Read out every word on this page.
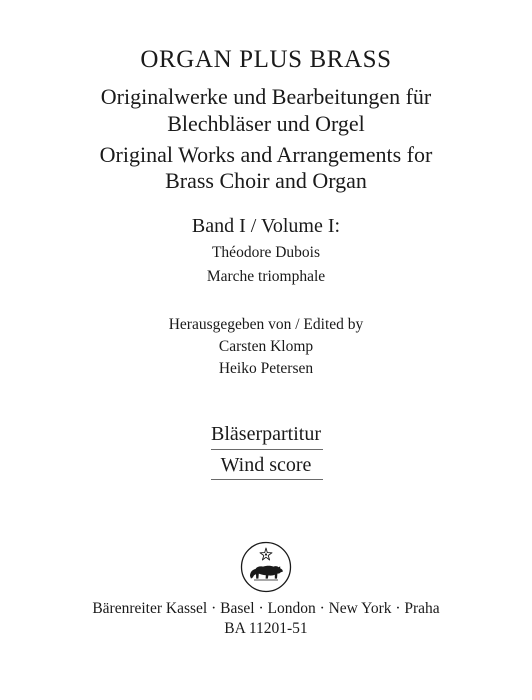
ORGAN PLUS BRASS
Originalwerke und Bearbeitungen für
Blechbläser und Orgel
Original Works and Arrangements for
Brass Choir and Organ
Band I / Volume I:
Théodore Dubois
Marche triomphale
Herausgegeben von / Edited by
Carsten Klomp
Heiko Petersen
Bläserpartitur
Wind score
Bärenreiter Kassel · Basel · London · New York · Praha
BA 11201-51
